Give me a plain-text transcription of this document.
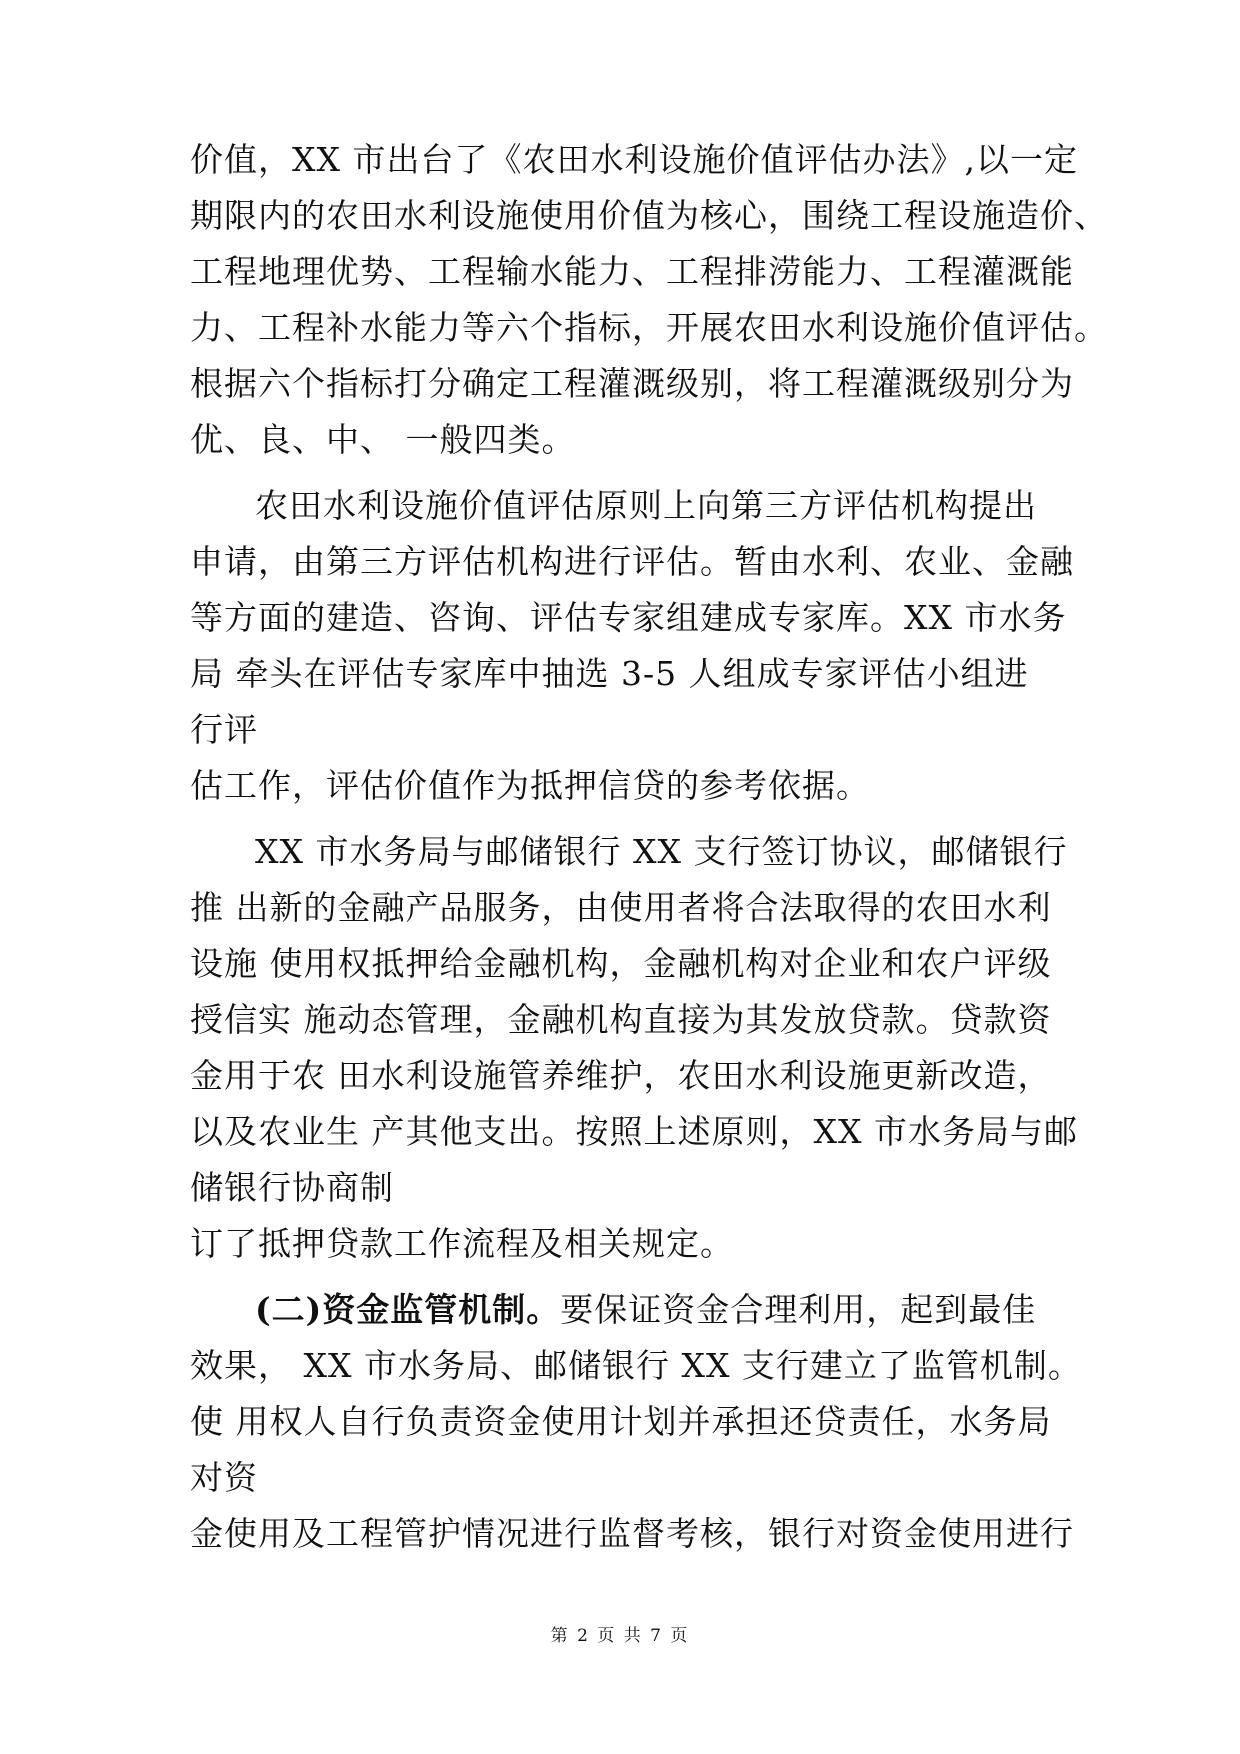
价值，XX 市出台了《农田水利设施价值评估办法》,以一定
期限内的农田水利设施使用价值为核心，围绕工程设施造价、
工程地理优势、工程输水能力、工程排涝能力、工程灌溉能
力、工程补水能力等六个指标，开展农田水利设施价值评估。
根据六个指标打分确定工程灌溉级别，将工程灌溉级别分为
优、良、中、 一般四类。
农田水利设施价值评估原则上向第三方评估机构提出
申请，由第三方评估机构进行评估。暂由水利、农业、金融
等方面的建造、咨询、评估专家组建成专家库。XX 市水务
局 牵头在评估专家库中抽选 3-5 人组成专家评估小组进
行评
估工作，评估价值作为抵押信贷的参考依据。
XX 市水务局与邮储银行 XX 支行签订协议，邮储银行
推 出新的金融产品服务，由使用者将合法取得的农田水利
设施 使用权抵押给金融机构，金融机构对企业和农户评级
授信实 施动态管理，金融机构直接为其发放贷款。贷款资
金用于农 田水利设施管养维护，农田水利设施更新改造，
以及农业生 产其他支出。按照上述原则，XX 市水务局与邮
储银行协商制
订了抵押贷款工作流程及相关规定。
(二)资金监管机制。要保证资金合理利用，起到最佳
效果， XX 市水务局、邮储银行 XX 支行建立了监管机制。
使 用权人自行负责资金使用计划并承担还贷责任，水务局
对资
金使用及工程管护情况进行监督考核，银行对资金使用进行
第 2 页 共 7 页
